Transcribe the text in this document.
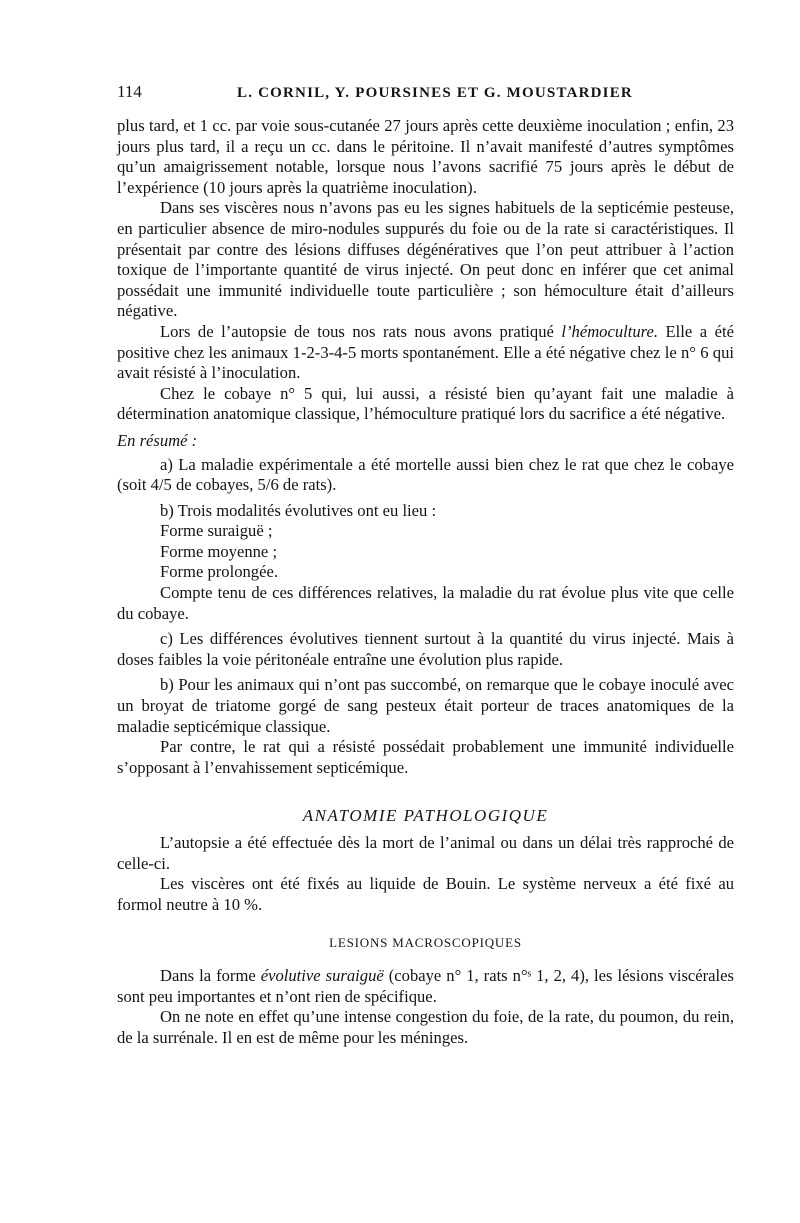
114	L. CORNIL, Y. POURSINES ET G. MOUSTARDIER

plus tard, et 1 cc. par voie sous-cutanée 27 jours après cette deuxième inoculation ; enfin, 23 jours plus tard, il a reçu un cc. dans le péritoine. Il n’avait manifesté d’autres symptômes qu’un amaigrissement notable, lorsque nous l’avons sacrifié 75 jours après le début de l’expérience (10 jours après la quatrième inoculation).

Dans ses viscères nous n’avons pas eu les signes habituels de la septicémie pesteuse, en particulier absence de miro-nodules suppurés du foie ou de la rate si caractéristiques. Il présentait par contre des lésions diffuses dégénératives que l’on peut attribuer à l’action toxique de l’importante quantité de virus injecté. On peut donc en inférer que cet animal possédait une immunité individuelle toute particulière ; son hémoculture était d’ailleurs négative.

Lors de l’autopsie de tous nos rats nous avons pratiqué l’hémoculture. Elle a été positive chez les animaux 1-2-3-4-5 morts spontanément. Elle a été négative chez le n° 6 qui avait résisté à l’inoculation.

Chez le cobaye n° 5 qui, lui aussi, a résisté bien qu’ayant fait une maladie à détermination anatomique classique, l’hémoculture pratiqué lors du sacrifice a été négative.

En résumé :

a) La maladie expérimentale a été mortelle aussi bien chez le rat que chez le cobaye (soit 4/5 de cobayes, 5/6 de rats).

b) Trois modalités évolutives ont eu lieu :

Forme suraiguë ;

Forme moyenne ;

Forme prolongée.

Compte tenu de ces différences relatives, la maladie du rat évolue plus vite que celle du cobaye.

c) Les différences évolutives tiennent surtout à la quantité du virus injecté. Mais à doses faibles la voie péritonéale entraîne une évolution plus rapide.

b) Pour les animaux qui n’ont pas succombé, on remarque que le cobaye inoculé avec un broyat de triatome gorgé de sang pesteux était porteur de traces anatomiques de la maladie septicémique classique.

Par contre, le rat qui a résisté possédait probablement une immunité individuelle s’opposant à l’envahissement septicémique.

ANATOMIE PATHOLOGIQUE

L’autopsie a été effectuée dès la mort de l’animal ou dans un délai très rapproché de celle-ci.

Les viscères ont été fixés au liquide de Bouin. Le système nerveux a été fixé au formol neutre à 10 %.

LESIONS MACROSCOPIQUES

Dans la forme évolutive suraiguë (cobaye n° 1, rats n°ˢ 1, 2, 4), les lésions viscérales sont peu importantes et n’ont rien de spécifique.

On ne note en effet qu’une intense congestion du foie, de la rate, du poumon, du rein, de la surrénale. Il en est de même pour les méninges.
